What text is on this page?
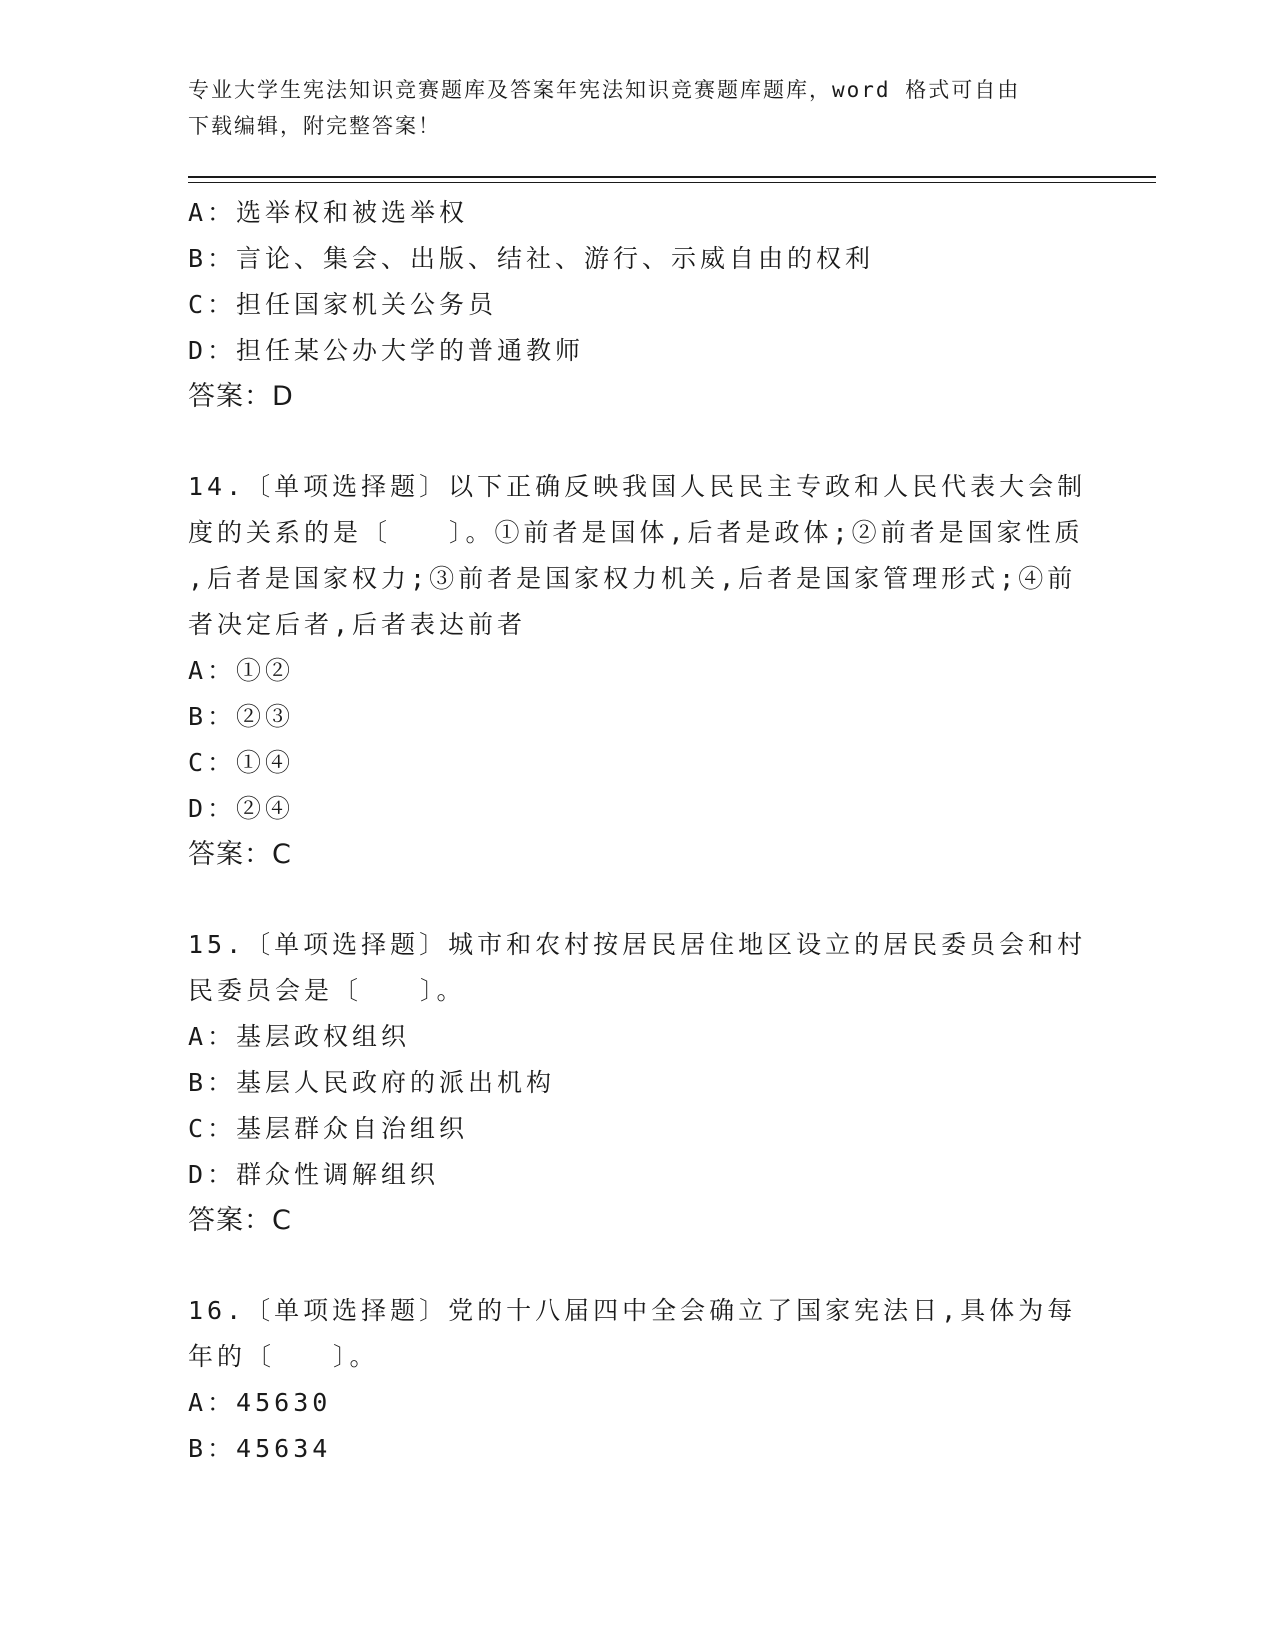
专业大学生宪法知识竞赛题库及答案年宪法知识竞赛题库题库，word 格式可自由
下载编辑，附完整答案！
A：选举权和被选举权
B：言论、集会、出版、结社、游行、示威自由的权利
C：担任国家机关公务员
D：担任某公办大学的普通教师
答案：D
14.〔单项选择题〕以下正确反映我国人民民主专政和人民代表大会制
度的关系的是〔　　〕。①前者是国体,后者是政体;②前者是国家性质
,后者是国家权力;③前者是国家权力机关,后者是国家管理形式;④前
者决定后者,后者表达前者
A：①②
B：②③
C：①④
D：②④
答案：C
15.〔单项选择题〕城市和农村按居民居住地区设立的居民委员会和村
民委员会是〔　　〕。
A：基层政权组织
B：基层人民政府的派出机构
C：基层群众自治组织
D：群众性调解组织
答案：C
16.〔单项选择题〕党的十八届四中全会确立了国家宪法日,具体为每
年的〔　　〕。
A：45630
B：45634
